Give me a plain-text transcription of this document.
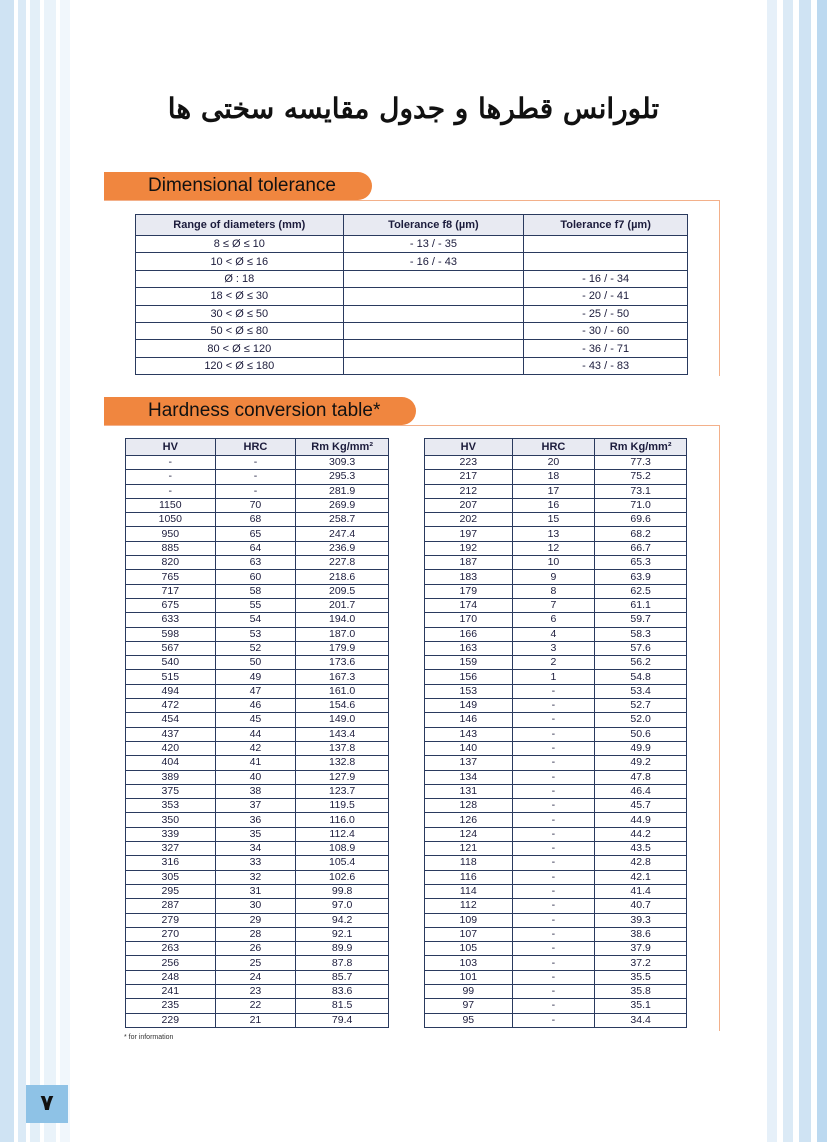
تلورانس قطرها و جدول مقایسه سختی ها
Dimensional tolerance
Range of diameters (mm)	Tolerance f8 (µm)	Tolerance f7 (µm)
8 ≤ Ø ≤ 10	- 13 / - 35	
10 < Ø ≤ 16	- 16 / - 43	
Ø : 18		- 16 / - 34
18 < Ø ≤ 30		- 20 / - 41
30 < Ø ≤ 50		- 25 / - 50
50 < Ø ≤ 80		- 30 / - 60
80 < Ø ≤ 120		- 36 / - 71
120 < Ø ≤ 180		- 43 / - 83
Hardness conversion table*
HV	HRC	Rm Kg/mm²
-	-	309.3
-	-	295.3
-	-	281.9
1150	70	269.9
1050	68	258.7
950	65	247.4
885	64	236.9
820	63	227.8
765	60	218.6
717	58	209.5
675	55	201.7
633	54	194.0
598	53	187.0
567	52	179.9
540	50	173.6
515	49	167.3
494	47	161.0
472	46	154.6
454	45	149.0
437	44	143.4
420	42	137.8
404	41	132.8
389	40	127.9
375	38	123.7
353	37	119.5
350	36	116.0
339	35	112.4
327	34	108.9
316	33	105.4
305	32	102.6
295	31	99.8
287	30	97.0
279	29	94.2
270	28	92.1
263	26	89.9
256	25	87.8
248	24	85.7
241	23	83.6
235	22	81.5
229	21	79.4
HV	HRC	Rm Kg/mm²
223	20	77.3
217	18	75.2
212	17	73.1
207	16	71.0
202	15	69.6
197	13	68.2
192	12	66.7
187	10	65.3
183	9	63.9
179	8	62.5
174	7	61.1
170	6	59.7
166	4	58.3
163	3	57.6
159	2	56.2
156	1	54.8
153	-	53.4
149	-	52.7
146	-	52.0
143	-	50.6
140	-	49.9
137	-	49.2
134	-	47.8
131	-	46.4
128	-	45.7
126	-	44.9
124	-	44.2
121	-	43.5
118	-	42.8
116	-	42.1
114	-	41.4
112	-	40.7
109	-	39.3
107	-	38.6
105	-	37.9
103	-	37.2
101	-	35.5
99	-	35.8
97	-	35.1
95	-	34.4
* for information
۷
